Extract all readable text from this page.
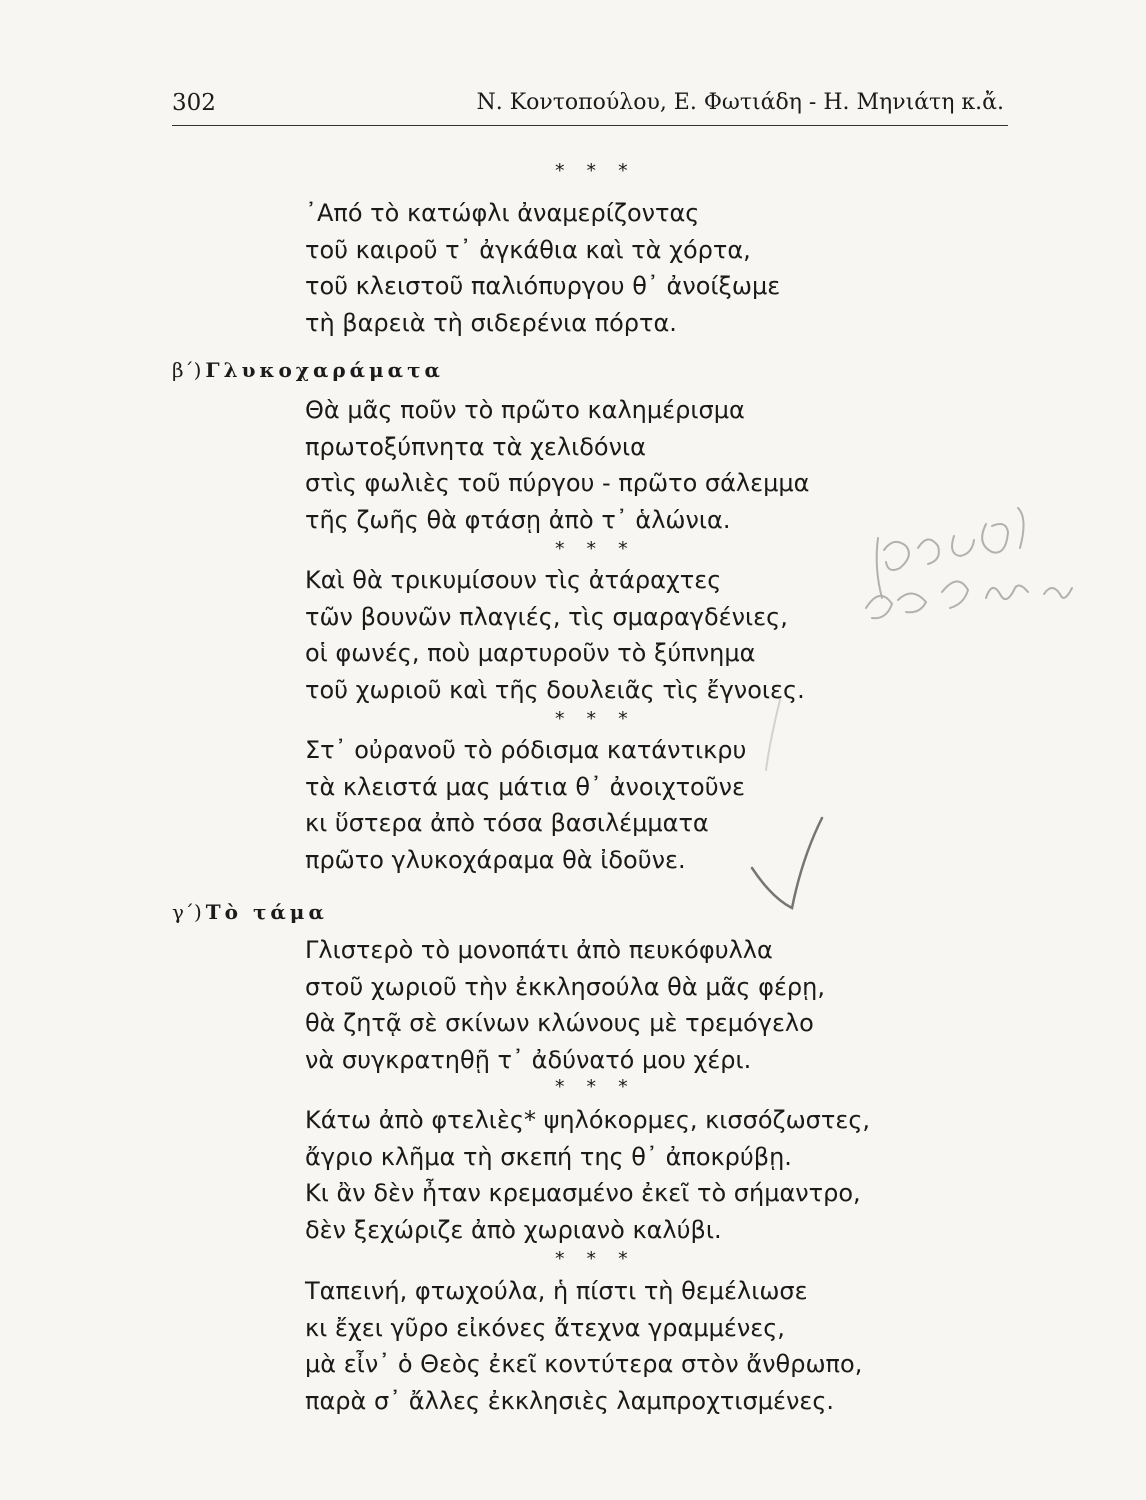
302	Ν. Κοντοπούλου, Ε. Φωτιάδη - Η. Μηνιάτη κ.ἄ.
* * *
᾽Από τὸ κατώφλι ἀναμερίζοντας
τοῦ καιροῦ τ᾽ ἀγκάθια καὶ τὰ χόρτα,
τοῦ κλειστοῦ παλιόπυργου θ᾽ ἀνοίξωμε
τὴ βαρειὰ τὴ σιδερένια πόρτα.
β΄) Γλυκοχαράματα
Θὰ μᾶς ποῦν τὸ πρῶτο καλημέρισμα
πρωτοξύπνητα τὰ χελιδόνια
στὶς φωλιὲς τοῦ πύργου - πρῶτο σάλεμμα
τῆς ζωῆς θὰ φτάσῃ ἀπὸ τ᾽ ἁλώνια.
* * *
Καὶ θὰ τρικυμίσουν τὶς ἀτάραχτες
τῶν βουνῶν πλαγιές, τὶς σμαραγδένιες,
οἱ φωνές, ποὺ μαρτυροῦν τὸ ξύπνημα
τοῦ χωριοῦ καὶ τῆς δουλειᾶς τὶς ἔγνοιες.
* * *
Στ᾽ οὐρανοῦ τὸ ρόδισμα κατάντικρυ
τὰ κλειστά μας μάτια θ᾽ ἀνοιχτοῦνε
κι ὕστερα ἀπὸ τόσα βασιλέμματα
πρῶτο γλυκοχάραμα θὰ ἰδοῦνε.
γ΄) Τὸ τάμα
Γλιστερὸ τὸ μονοπάτι ἀπὸ πευκόφυλλα
στοῦ χωριοῦ τὴν ἐκκλησούλα θὰ μᾶς φέρῃ,
θὰ ζητᾷ σὲ σκίνων κλώνους μὲ τρεμόγελο
νὰ συγκρατηθῇ τ᾽ ἀδύνατό μου χέρι.
* * *
Κάτω ἀπὸ φτελιὲς* ψηλόκορμες, κισσόζωστες,
ἄγριο κλῆμα τὴ σκεπή της θ᾽ ἀποκρύβῃ.
Κι ἂν δὲν ἦταν κρεμασμένο ἐκεῖ τὸ σήμαντρο,
δὲν ξεχώριζε ἀπὸ χωριανὸ καλύβι.
* * *
Ταπεινή, φτωχούλα, ἡ πίστι τὴ θεμέλιωσε
κι ἔχει γῦρο εἰκόνες ἄτεχνα γραμμένες,
μὰ εἶν᾽ ὁ Θεὸς ἐκεῖ κοντύτερα στὸν ἄνθρωπο,
παρὰ σ᾽ ἄλλες ἐκκλησιὲς λαμπροχτισμένες.
